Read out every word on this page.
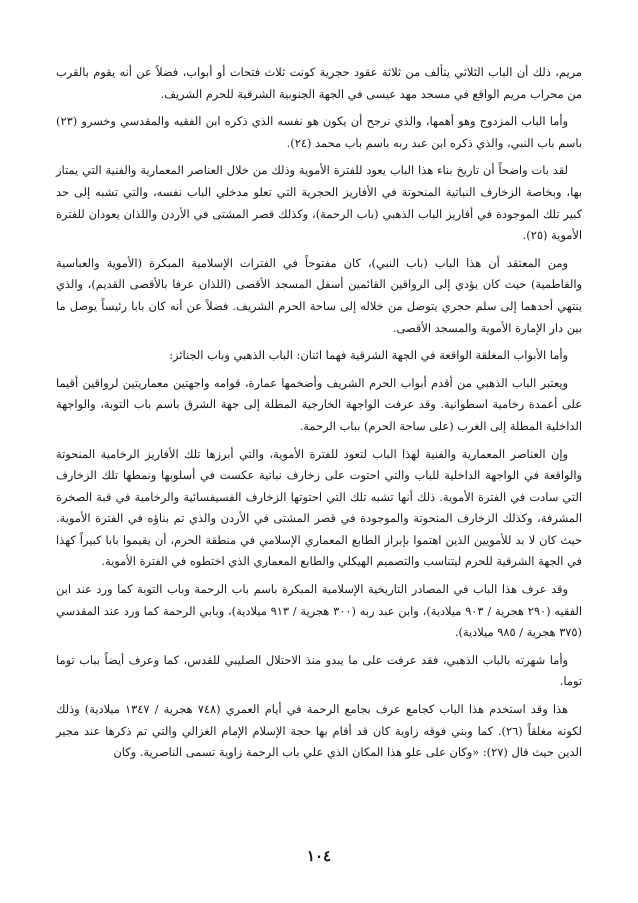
مريم، ذلك أن الباب الثلاثي يتألف من ثلاثة عقود حجرية كونت ثلاث فتحات أو أبواب، فضلاً عن أنه يقوم بالقرب من محراب مريم الواقع في مسجد مهد عيسى في الجهة الجنوبية الشرقية للحرم الشريف.

وأما الباب المزدوج وهو أهمها، والذي نرجح أن يكون هو نفسه الذي ذكره ابن الفقيه والمقدسي وخسرو (٢٣) باسم باب النبي، والذي ذكره ابن عبد ربه باسم باب محمد (٢٤).

لقد بات واضحاً أن تاريخ بناء هذا الباب يعود للفترة الأموية وذلك من خلال العناصر المعمارية والفنية التي يمتاز بها، وبخاصة الزخارف النباتية المنحوتة في الأفاريز الحجرية التي تعلو مدخلي الباب نفسه، والتي تشبه إلى حد كبير تلك الموجودة في أفاريز الباب الذهبي (باب الرحمة)، وكذلك قصر المشتى في الأردن واللذان يعودان للفترة الأموية (٢٥).

ومن المعتقد أن هذا الباب (باب النبي)، كان مفتوحاً في الفترات الإسلامية المبكرة (الأموية والعباسية والفاطمية) حيث كان يؤدي إلى الرواقين القائمين أسفل المسجد الأقصى (اللذان عرفا بالأقصى القديم)، والذي ينتهي أحدهما إلى سلم حجري يتوصل من خلاله إلى ساحة الحرم الشريف. فضلاً عن أنه كان بابا رئيساً يوصل ما بين دار الإمارة الأموية والمسجد الأقصى.

وأما الأبواب المغلقة الواقعة في الجهة الشرقية فهما اثنان: الباب الذهبي وباب الجنائز:

ويعتبر الباب الذهبي من أقدم أبواب الحرم الشريف وأضخمها عمارة، قوامه واجهتين معماريتين لرواقين أقيما على أعمدة رخامية اسطوانية. وقد عرفت الواجهة الخارجية المطلة إلى جهة الشرق باسم باب التوبة، والواجهة الداخلية المطلة إلى الغرب (على ساحة الحرم) بباب الرحمة.

وإن العناصر المعمارية والفنية لهذا الباب لتعود للفترة الأموية، والتي أبرزها تلك الأفاريز الرخامية المنحوتة والواقعة في الواجهة الداخلية للباب والتي احتوت على زخارف نباتية عكست في أسلوبها ونمطها تلك الزخارف التي سادت في الفترة الأموية. ذلك أنها تشبه تلك التي احتوتها الزخارف الفسيفسائية والرخامية في قبة الصخرة المشرفة، وكذلك الزخارف المنحوتة والموجودة في قصر المشتى في الأردن والذي تم بناؤه في الفترة الأموية. حيث كان لا بد للأمويين الذين اهتموا بإبراز الطابع المعماري الإسلامي في منطقة الحرم، أن يقيموا بابا كبيراً كهذا في الجهة الشرقية للحرم ليتناسب والتصميم الهيكلي والطابع المعماري الذي اختطوه في الفترة الأموية.

وقد عرف هذا الباب في المصادر التاريخية الإسلامية المبكرة باسم باب الرحمة وباب التوبة كما ورد عند ابن الفقيه (٢٩٠ هجرية / ٩٠٣ ميلادية)، وابن عبد ربه (٣٠٠ هجرية / ٩١٣ ميلادية)، وبابي الرحمة كما ورد عند المقدسي (٣٧٥ هجرية / ٩٨٥ ميلادية).

وأما شهرته بالباب الذهبي، فقد عرفت على ما يبدو منذ الاحتلال الصليبي للقدس، كما وعرف أيضاً بباب توما توما.

هذا وقد استخدم هذا الباب كجامع عرف بجامع الرحمة في أيام العمري (٧٤٨ هجرية / ١٣٤٧ ميلادية) وذلك لكونه مغلقاً (٢٦). كما وبني فوقه زاوية كان قد أقام بها حجة الإسلام الإمام الغزالي والتي تم ذكرها عند مجير الدين حيث قال (٢٧): «وكان على علو هذا المكان الذي علي باب الرحمة زاوية تسمى الناصرية. وكان

١٠٤
